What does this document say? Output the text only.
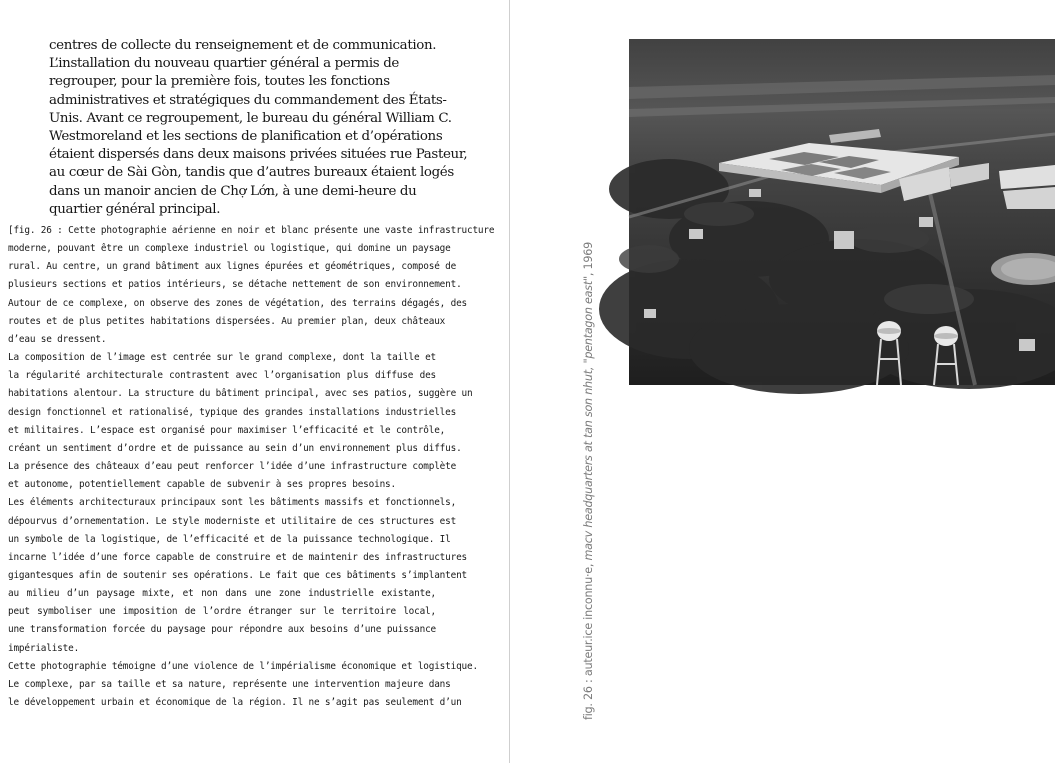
centres de collecte du renseignement et de communication.
L’installation du nouveau quartier général a permis de
regrouper, pour la première fois, toutes les fonctions
administratives et stratégiques du commandement des États-
Unis. Avant ce regroupement, le bureau du général William C.
Westmoreland et les sections de planification et d’opérations
étaient dispersés dans deux maisons privées situées rue Pasteur,
au cœur de Sài Gòn, tandis que d’autres bureaux étaient logés
dans un manoir ancien de Chợ Lớn, à une demi-heure du
quartier général principal.
[fig. 26 : Cette photographie aérienne en noir et blanc présente une vaste infrastructure
moderne, pouvant être un complexe industriel ou logistique, qui domine un paysage
rural. Au centre, un grand bâtiment aux lignes épurées et géométriques, composé de
plusieurs sections et patios intérieurs, se détache nettement de son environnement.
Autour de ce complexe, on observe des zones de végétation, des terrains dégagés, des
routes et de plus petites habitations dispersées. Au premier plan, deux châteaux
d’eau se dressent.
La composition de l’image est centrée sur le grand complexe, dont la taille et
la régularité architecturale contrastent avec l’organisation plus diffuse des
habitations alentour. La structure du bâtiment principal, avec ses patios, suggère un
design fonctionnel et rationalisé, typique des grandes installations industrielles
et militaires. L’espace est organisé pour maximiser l’efficacité et le contrôle,
créant un sentiment d’ordre et de puissance au sein d’un environnement plus diffus.
La présence des châteaux d’eau peut renforcer l’idée d’une infrastructure complète
et autonome, potentiellement capable de subvenir à ses propres besoins.
Les éléments architecturaux principaux sont les bâtiments massifs et fonctionnels,
dépourvus d’ornementation. Le style moderniste et utilitaire de ces structures est
un symbole de la logistique, de l’efficacité et de la puissance technologique. Il
incarne l’idée d’une force capable de construire et de maintenir des infrastructures
gigantesques afin de soutenir ses opérations. Le fait que ces bâtiments s’implantent
au milieu d’un paysage mixte, et non dans une zone industrielle existante,
peut symboliser une imposition de l’ordre étranger sur le territoire local,
une transformation forcée du paysage pour répondre aux besoins d’une puissance
impérialiste.
Cette photographie témoigne d’une violence de l’impérialisme économique et logistique.
Le complexe, par sa taille et sa nature, représente une intervention majeure dans
le développement urbain et économique de la région. Il ne s’agit pas seulement d’un	fig. 26 : auteur.ice inconnu·e, macv headquarters at tan son nhut, "pentagon east", 1969
